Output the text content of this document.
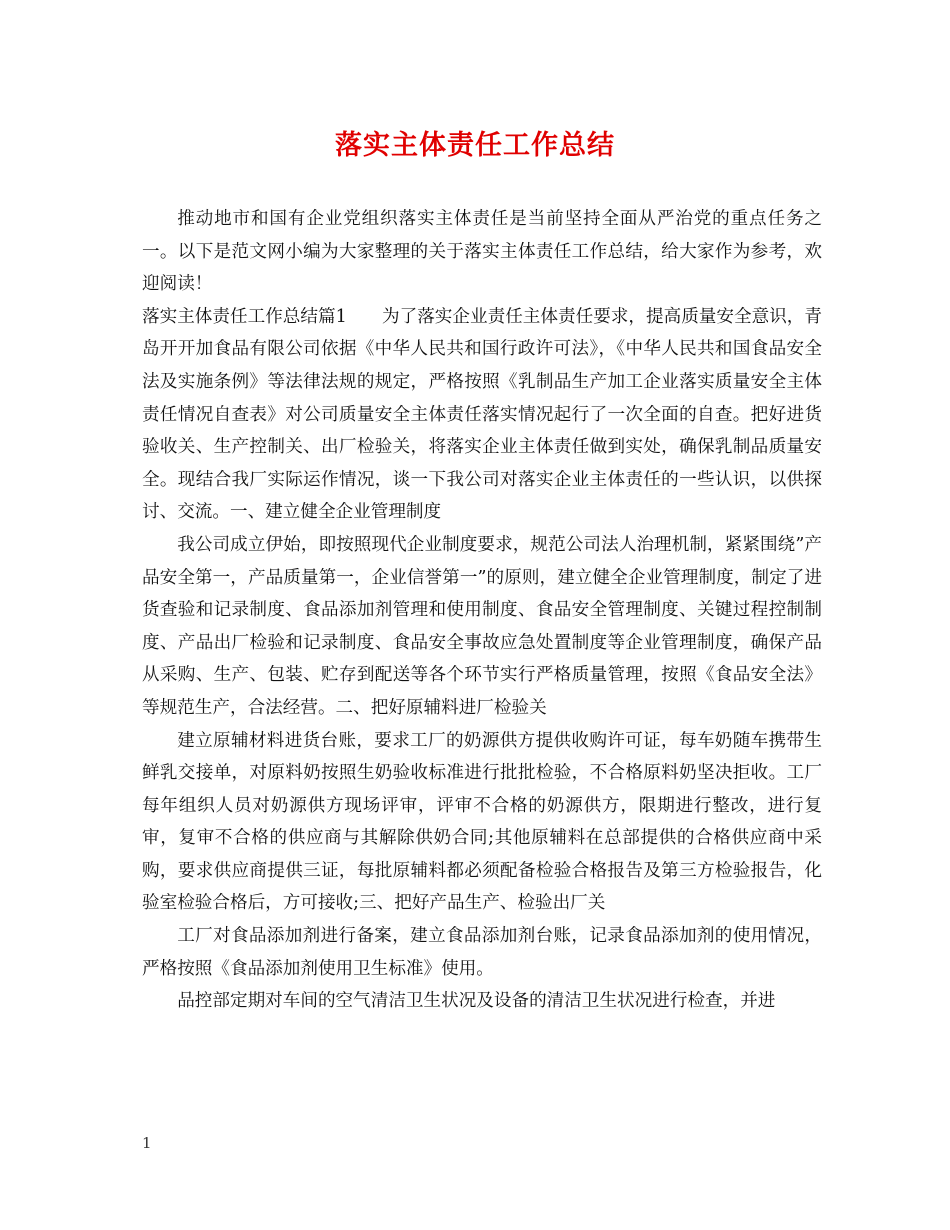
落实主体责任工作总结

推动地市和国有企业党组织落实主体责任是当前坚持全面从严治党的重点任务之一。以下是范文网小编为大家整理的关于落实主体责任工作总结，给大家作为参考，欢迎阅读！

落实主体责任工作总结篇1　　为了落实企业责任主体责任要求，提高质量安全意识，青岛开开加食品有限公司依据《中华人民共和国行政许可法》，《中华人民共和国食品安全法及实施条例》等法律法规的规定，严格按照《乳制品生产加工企业落实质量安全主体责任情况自查表》对公司质量安全主体责任落实情况起行了一次全面的自查。把好进货验收关、生产控制关、出厂检验关，将落实企业主体责任做到实处，确保乳制品质量安全。现结合我厂实际运作情况，谈一下我公司对落实企业主体责任的一些认识，以供探讨、交流。一、建立健全企业管理制度

我公司成立伊始，即按照现代企业制度要求，规范公司法人治理机制，紧紧围绕”产品安全第一，产品质量第一，企业信誉第一”的原则，建立健全企业管理制度，制定了进货查验和记录制度、食品添加剂管理和使用制度、食品安全管理制度、关键过程控制制度、产品出厂检验和记录制度、食品安全事故应急处置制度等企业管理制度，确保产品从采购、生产、包装、贮存到配送等各个环节实行严格质量管理，按照《食品安全法》等规范生产，合法经营。二、把好原辅料进厂检验关

建立原辅材料进货台账，要求工厂的奶源供方提供收购许可证，每车奶随车携带生鲜乳交接单，对原料奶按照生奶验收标准进行批批检验，不合格原料奶坚决拒收。工厂每年组织人员对奶源供方现场评审，评审不合格的奶源供方，限期进行整改，进行复审，复审不合格的供应商与其解除供奶合同;其他原辅料在总部提供的合格供应商中采购，要求供应商提供三证，每批原辅料都必须配备检验合格报告及第三方检验报告，化验室检验合格后，方可接收;三、把好产品生产、检验出厂关

工厂对食品添加剂进行备案，建立食品添加剂台账，记录食品添加剂的使用情况，严格按照《食品添加剂使用卫生标准》使用。

品控部定期对车间的空气清洁卫生状况及设备的清洁卫生状况进行检查，并进

1
